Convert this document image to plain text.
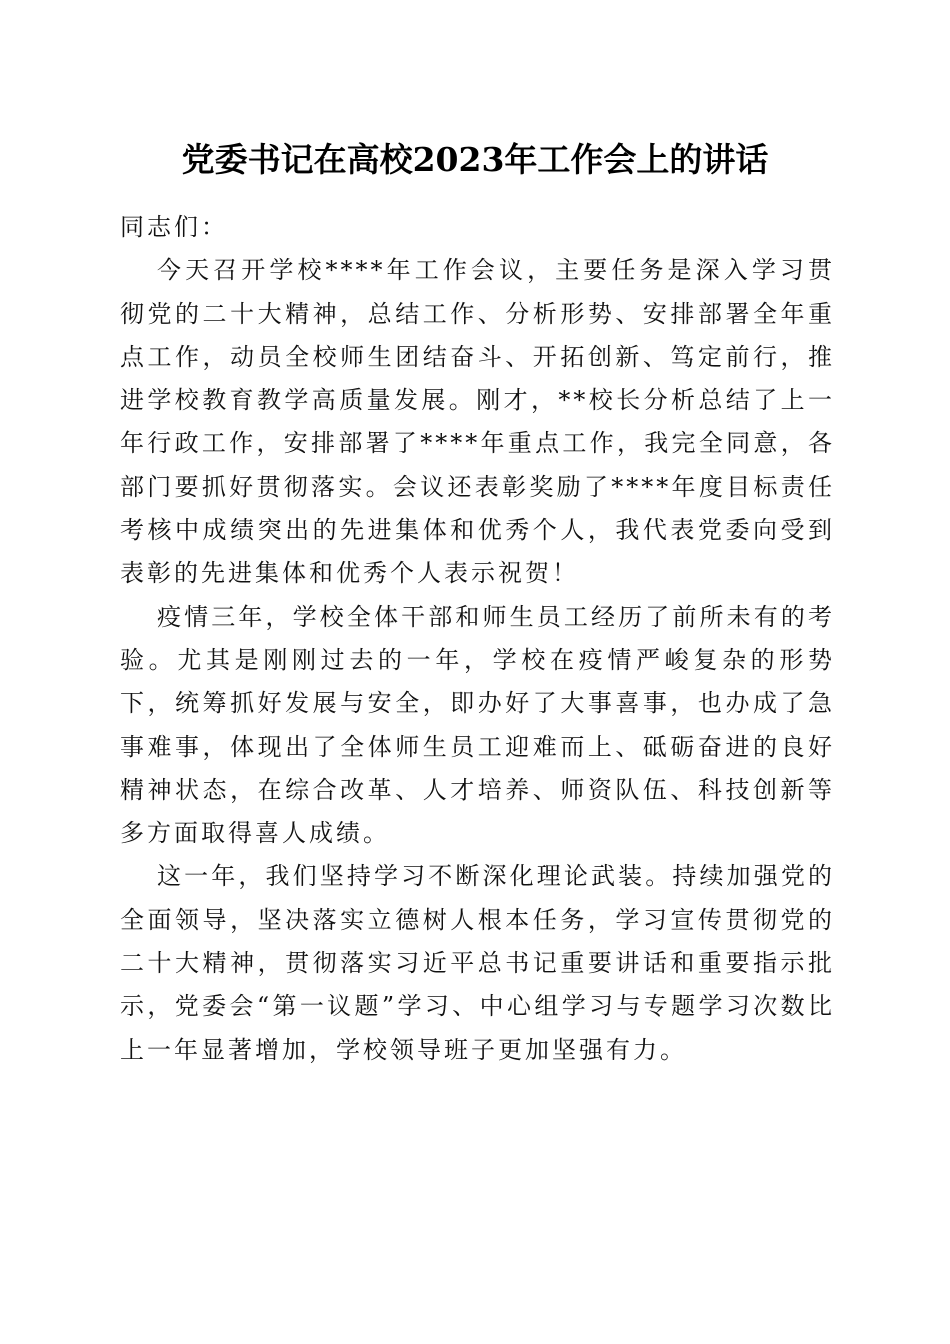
党委书记在高校2023年工作会上的讲话

同志们：

今天召开学校****年工作会议，主要任务是深入学习贯彻党的二十大精神，总结工作、分析形势、安排部署全年重点工作，动员全校师生团结奋斗、开拓创新、笃定前行，推进学校教育教学高质量发展。刚才，**校长分析总结了上一年行政工作，安排部署了****年重点工作，我完全同意，各部门要抓好贯彻落实。会议还表彰奖励了****年度目标责任考核中成绩突出的先进集体和优秀个人，我代表党委向受到表彰的先进集体和优秀个人表示祝贺！

疫情三年，学校全体干部和师生员工经历了前所未有的考验。尤其是刚刚过去的一年，学校在疫情严峻复杂的形势下，统筹抓好发展与安全，即办好了大事喜事，也办成了急事难事，体现出了全体师生员工迎难而上、砥砺奋进的良好精神状态，在综合改革、人才培养、师资队伍、科技创新等多方面取得喜人成绩。

这一年，我们坚持学习不断深化理论武装。持续加强党的全面领导，坚决落实立德树人根本任务，学习宣传贯彻党的二十大精神，贯彻落实习近平总书记重要讲话和重要指示批示，党委会“第一议题”学习、中心组学习与专题学习次数比上一年显著增加，学校领导班子更加坚强有力。
